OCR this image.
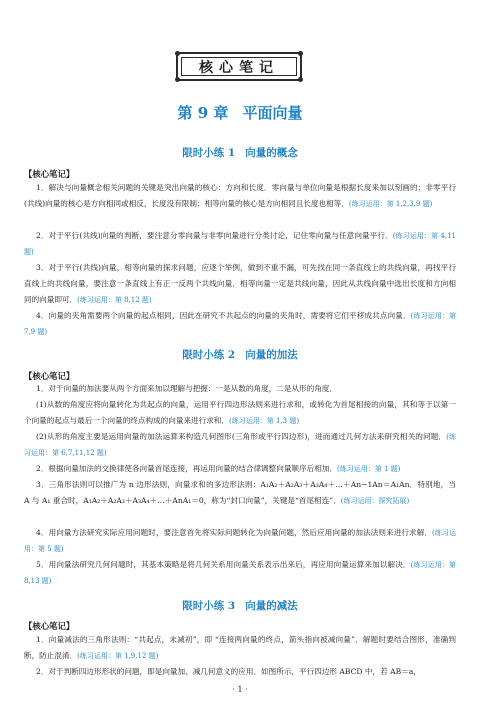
核心笔记
第 9 章 平面向量
限时小练 1 向量的概念
【核心笔记】
1．解决与向量概念相关问题的关键是突出向量的核心：方向和长度．零向量与单位向量是根据长度来加以刻画的；非零平行(共线)向量的核心是方向相同或相反，长度没有限制；相等向量的核心是方向相同且长度也相等．(练习运用：第 1,2,3,9 题)
2．对于平行(共线)向量的判断，要注意分零向量与非零向量进行分类讨论，记住零向量与任意向量平行．(练习运用：第 4,11 题)
3．对于平行(共线)向量，相等向量的探求问题，应逐个举例，做到不重不漏，可先找在同一条直线上的共线向量，再找平行直线上的共线向量，要注意一条直线上有正一反两个共线向量．相等向量一定是共线向量，因此从共线向量中选出长度和方向相同的向量即可．(练习运用：第 8,12 题)
4．向量的夹角需要两个向量的起点相同，因此在研究不共起点的向量的夹角时，需要将它们平移成共点向量．(练习运用：第 7,9 题)
限时小练 2 向量的加法
【核心笔记】
1．对于向量的加法要从两个方面来加以理解与把握：一是从数的角度，二是从形的角度．
(1)从数的角度应将向量转化为共起点的向量，运用平行四边形法则来进行求和，或转化为首尾相接的向量，其和等于以第一个向量的起点与最后一个向量的终点构成的向量来进行求和．(练习运用：第 1,3 题)
(2)从形的角度主要是运用向量的加法运算来构造几何图形(三角形或平行四边形)，进而通过几何方法来研究相关的问题．(练习运用：第 6,7,11,12 题)
2．根据向量加法的交换律使各向量首尾连接，再运用向量的结合律调整向量顺序后相加．(练习运用：第 1 题)
3．三角形法则可以推广为 n 边形法则，向量求和的多边形法则：A₁A₂＋A₂A₃＋A₃A₄＋…＋An−1An＝A₁An．特别地，当 A 与 A₁ 重合时，A₁A₂＋A₂A₃＋A₃A₄＋…＋AnA₁＝0，称为“封口向量”，关键是“首尾相连”．(练习运用：探究拓展)
4．用向量方法研究实际应用问题时，要注意首先将实际问题转化为向量问题，然后应用向量的加法法则来进行求解．(练习运用：第 5 题)
5．用向量法研究几何问题时，其基本策略是将几何关系用向量关系表示出来后，再应用向量运算来加以解决．(练习运用：第 8,13 题)
限时小练 3 向量的减法
【核心笔记】
1．向量减法的三角形法则：“共起点，末减初”，即 “连接两向量的终点，箭头指向被减向量”．解题时要结合图形，准确判断，防止混淆．(练习运用：第 1,9,12 题)
2．对于判断四边形形状的问题，即是向量加、减几何意义的应用．如图所示，平行四边形 ABCD 中，若 AB＝a，
· 1 ·
